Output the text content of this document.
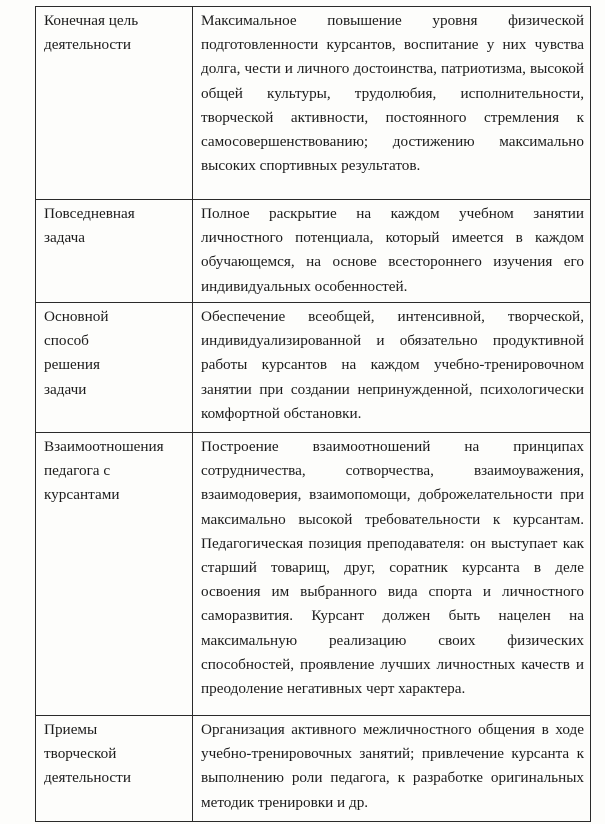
Конечная цель деятельности	Максимальное повышение уровня физической подготовленности курсантов, воспитание у них чувства долга, чести и личного достоинства, патриотизма, высокой общей культуры, трудолюбия, исполнительности, творческой активности, постоянного стремления к самосовершенствованию; достижению максимально высоких спортивных результатов.

Повседневная задача	Полное раскрытие на каждом учебном занятии личностного потенциала, который имеется в каждом обучающемся, на основе всестороннего изучения его индивидуальных особенностей.

Основной способ решения задачи	Обеспечение всеобщей, интенсивной, творческой, индивидуализированной и обязательно продуктивной работы курсантов на каждом учебно-тренировочном занятии при создании непринужденной, психологически комфортной обстановки.

Взаимоотношения педагога с курсантами	Построение взаимоотношений на принципах сотрудничества, сотворчества, взаимоуважения, взаимодоверия, взаимопомощи, доброжелательности при максимально высокой требовательности к курсантам. Педагогическая позиция преподавателя: он выступает как старший товарищ, друг, соратник курсанта в деле освоения им выбранного вида спорта и личностного саморазвития. Курсант должен быть нацелен на максимальную реализацию своих физических способностей, проявление лучших личностных качеств и преодоление негативных черт характера.

Приемы творческой деятельности	Организация активного межличностного общения в ходе учебно-тренировочных занятий; привлечение курсанта к выполнению роли педагога, к разработке оригинальных методик тренировки и др.
